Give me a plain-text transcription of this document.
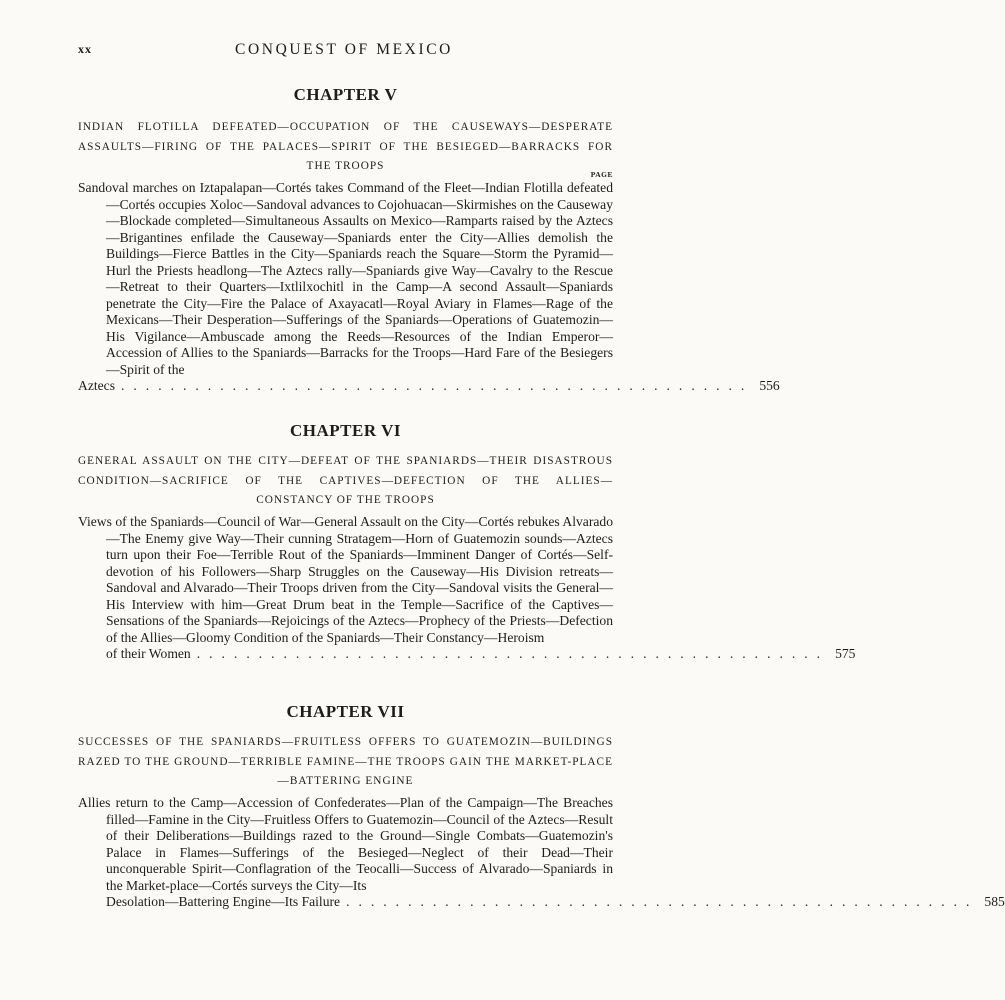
xx	CONQUEST OF MEXICO
CHAPTER V

INDIAN FLOTILLA DEFEATED—OCCUPATION OF THE CAUSEWAYS—DESPERATE ASSAULTS—FIRING OF THE PALACES—SPIRIT OF THE BESIEGED—BARRACKS FOR THE TROOPS

PAGE

Sandoval marches on Iztapalapan—Cortés takes Command of the Fleet—Indian Flotilla defeated—Cortés occupies Xoloc—Sandoval advances to Cojohuacan—Skirmishes on the Causeway—Blockade completed—Simultaneous Assaults on Mexico—Ramparts raised by the Aztecs—Brigantines enfilade the Causeway—Spaniards enter the City—Allies demolish the Buildings—Fierce Battles in the City—Spaniards reach the Square—Storm the Pyramid—Hurl the Priests headlong—The Aztecs rally—Spaniards give Way—Cavalry to the Rescue—Retreat to their Quarters—Ixtlilxochitl in the Camp—A second Assault—Spaniards penetrate the City—Fire the Palace of Axayacatl—Royal Aviary in Flames—Rage of the Mexicans—Their Desperation—Sufferings of the Spaniards—Operations of Guatemozin—His Vigilance—Ambuscade among the Reeds—Resources of the Indian Emperor—Accession of Allies to the Spaniards—Barracks for the Troops—Hard Fare of the Besiegers—Spirit of the

Aztecs ................................................... 556
CHAPTER VI

GENERAL ASSAULT ON THE CITY—DEFEAT OF THE SPANIARDS—THEIR DISASTROUS CONDITION—SACRIFICE OF THE CAPTIVES—DEFECTION OF THE ALLIES—CONSTANCY OF THE TROOPS

Views of the Spaniards—Council of War—General Assault on the City—Cortés rebukes Alvarado—The Enemy give Way—Their cunning Stratagem—Horn of Guatemozin sounds—Aztecs turn upon their Foe—Terrible Rout of the Spaniards—Imminent Danger of Cortés—Self-devotion of his Followers—Sharp Struggles on the Causeway—His Division retreats—Sandoval and Alvarado—Their Troops driven from the City—Sandoval visits the General—His Interview with him—Great Drum beat in the Temple—Sacrifice of the Captives—Sensations of the Spaniards—Rejoicings of the Aztecs—Prophecy of the Priests—Defection of the Allies—Gloomy Condition of the Spaniards—Their Constancy—Heroism

of their Women ................................................... 575
CHAPTER VII

SUCCESSES OF THE SPANIARDS—FRUITLESS OFFERS TO GUATEMOZIN—BUILDINGS RAZED TO THE GROUND—TERRIBLE FAMINE—THE TROOPS GAIN THE MARKET-PLACE—BATTERING ENGINE

Allies return to the Camp—Accession of Confederates—Plan of the Campaign—The Breaches filled—Famine in the City—Fruitless Offers to Guatemozin—Council of the Aztecs—Result of their Deliberations—Buildings razed to the Ground—Single Combats—Guatemozin's Palace in Flames—Sufferings of the Besieged—Neglect of their Dead—Their unconquerable Spirit—Conflagration of the Teocalli—Success of Alvarado—Spaniards in the Market-place—Cortés surveys the City—Its

Desolation—Battering Engine—Its Failure ................................................... 585
